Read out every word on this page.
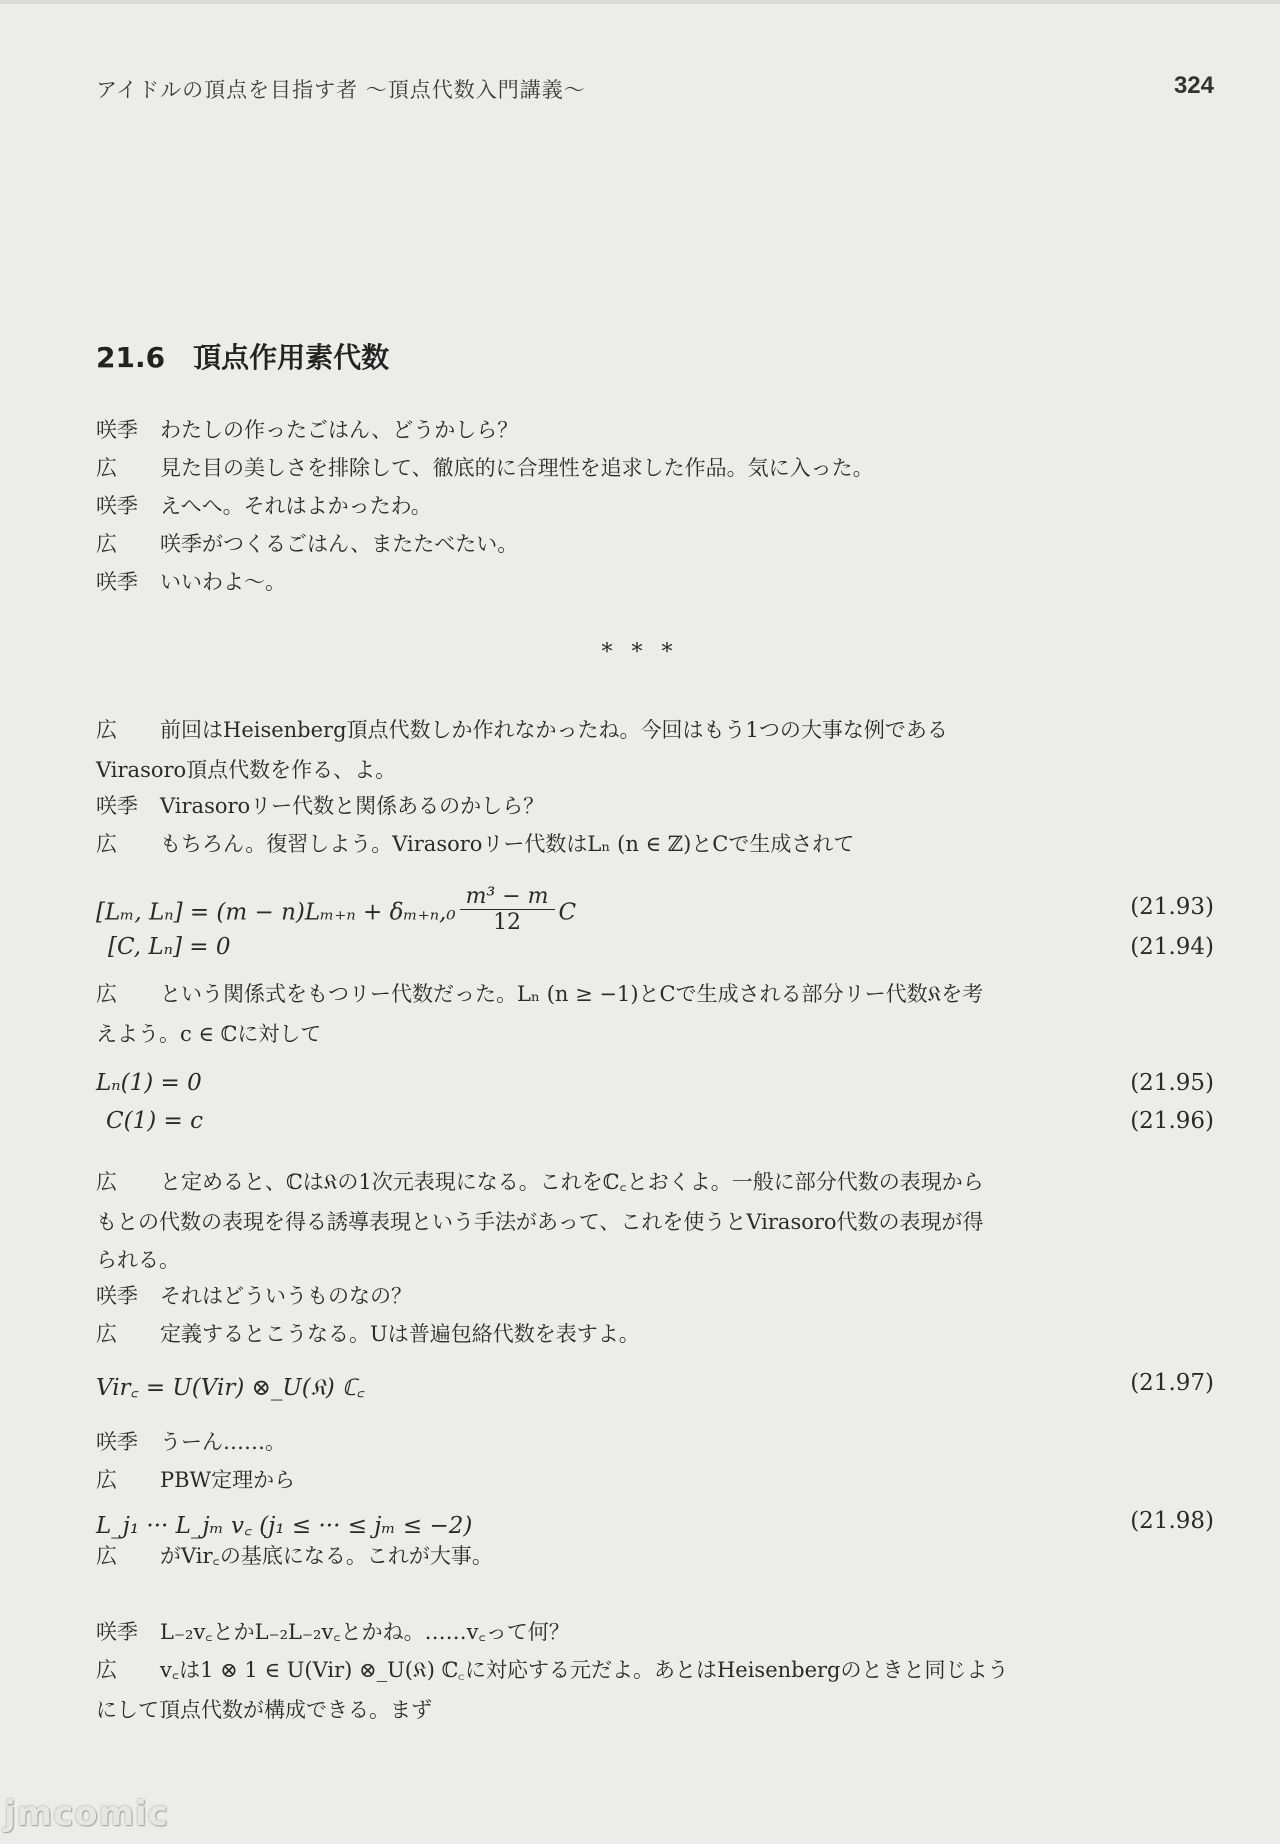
アイドルの頂点を目指す者 〜頂点代数入門講義〜	324
21.6 頂点作用素代数
咲季 わたしの作ったごはん、どうかしら？
広 見た目の美しさを排除して、徹底的に合理性を追求した作品。気に入った。
咲季 えへへ。それはよかったわ。
広 咲季がつくるごはん、またたべたい。
咲季 いいわよ〜。
* * *
広 前回はHeisenberg頂点代数しか作れなかったね。今回はもう1つの大事な例である
Virasoro頂点代数を作る、よ。
咲季 Virasoroリー代数と関係あるのかしら？
広 もちろん。復習しよう。Virasoroリー代数はLₙ (n ∈ ℤ)とCで生成されて
[Lₘ, $L_n] = (m - n)L_{m+n} + \delta_{m+n},_0 \frac{\text{m³ − m}}{12}$ C	(21.93)
[C, Lₙ] = 0	(21.94)
広 という関係式をもつリー代数だった。Lₙ (n ≥ −1)とCで生成される部分リー代数𝔎を考
えよう。c ∈ ℂに対して
Lₙ(1) = 0	(21.95)
C(1) = c	(21.96)
広 と定めると、ℂは𝔎の1次元表現になる。これをℂ꜀とおくよ。一般に部分代数の表現から
もとの代数の表現を得る誘導表現という手法があって、これを使うとVirasoro代数の表現が得
られる。
咲季 それはどういうものなの？
広 定義するとこうなる。Uは普遍包絡代数を表すよ。
Vir꜀ = U(Vir) ⊗_U(𝔎) ℂ꜀	(21.97)
咲季 うーん……。
広 PBW定理から
L_j₁ ··· L_jₘ v꜀ (j₁ ≤ ··· ≤ jₘ ≤ −2)	(21.98)
広 がVir꜀の基底になる。これが大事。
咲季 L₋₂v꜀とかL₋₂L₋₂v꜀とかね。……v꜀って何？
広 v꜀は1 ⊗ 1 ∈ U(Vir) ⊗_U(𝔎) ℂ꜀に対応する元だよ。あとはHeisenbergのときと同じよう
にして頂点代数が構成できる。まず
jmcomic
